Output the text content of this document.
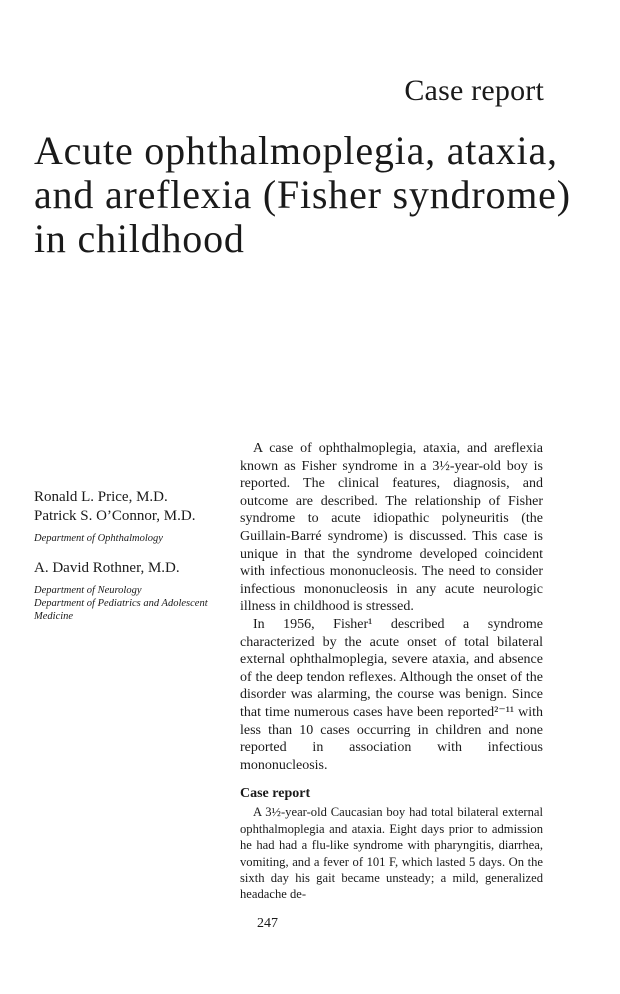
Case report
Acute ophthalmoplegia, ataxia, and areflexia (Fisher syndrome) in childhood

Ronald L. Price, M.D.

Patrick S. O’Connor, M.D.

Department of Ophthalmology

A. David Rothner, M.D.

Department of Neurology
Department of Pediatrics and Adolescent Medicine

A case of ophthalmoplegia, ataxia, and areflexia known as Fisher syndrome in a 3½-year-old boy is reported. The clinical features, diagnosis, and outcome are described. The relationship of Fisher syndrome to acute idiopathic polyneuritis (the Guillain-Barré syndrome) is discussed. This case is unique in that the syndrome developed coincident with infectious mononucleosis. The need to consider infectious mononucleosis in any acute neurologic illness in childhood is stressed.

In 1956, Fisher¹ described a syndrome characterized by the acute onset of total bilateral external ophthalmoplegia, severe ataxia, and absence of the deep tendon reflexes. Although the onset of the disorder was alarming, the course was benign. Since that time numerous cases have been reported²⁻¹¹ with less than 10 cases occurring in children and none reported in association with infectious mononucleosis.

Case report

A 3½-year-old Caucasian boy had total bilateral external ophthalmoplegia and ataxia. Eight days prior to admission he had had a flu-like syndrome with pharyngitis, diarrhea, vomiting, and a fever of 101 F, which lasted 5 days. On the sixth day his gait became unsteady; a mild, generalized headache de-

247
